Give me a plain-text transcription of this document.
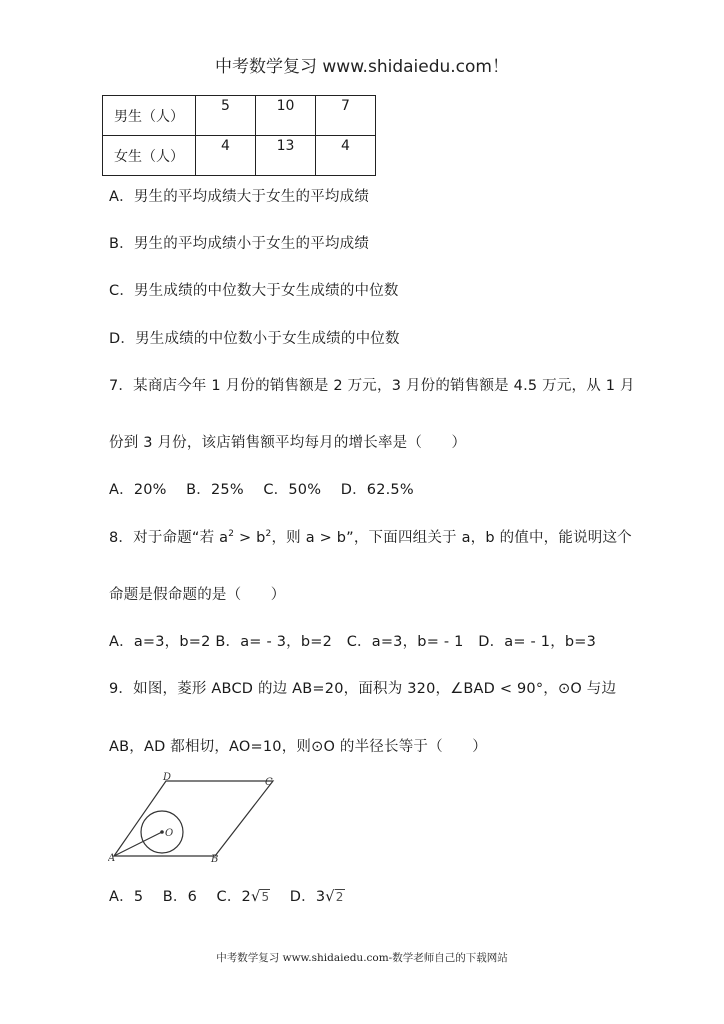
中考数学复习 www.shidaiedu.com！
男生（人）	5	10	7
女生（人）	4	13	4
A．男生的平均成绩大于女生的平均成绩
B．男生的平均成绩小于女生的平均成绩
C．男生成绩的中位数大于女生成绩的中位数
D．男生成绩的中位数小于女生成绩的中位数
7．某商店今年 1 月份的销售额是 2 万元，3 月份的销售额是 4.5 万元，从 1 月
份到 3 月份，该店销售额平均每月的增长率是（　　）
A．20%　 B．25%　 C．50%　 D．62.5%
8．对于命题“若 $a^2 > b^2$，则 a > b”，下面四组关于 a，b 的值中，能说明这个
命题是假命题的是（　　）
A．a=3，b=2 B．a= - 3，b=2　C．a=3，b= - 1　D．a= - 1，b=3
9．如图，菱形 ABCD 的边 AB=20，面积为 320，∠BAD < 90°，⊙O 与边
AB，AD 都相切，AO=10，则⊙O 的半径长等于（　　）
A	B
C
D
O
A．5　 B．6　 C．2√5　 D．3√2
中考数学复习 www.shidaiedu.com-数学老师自己的下载网站
